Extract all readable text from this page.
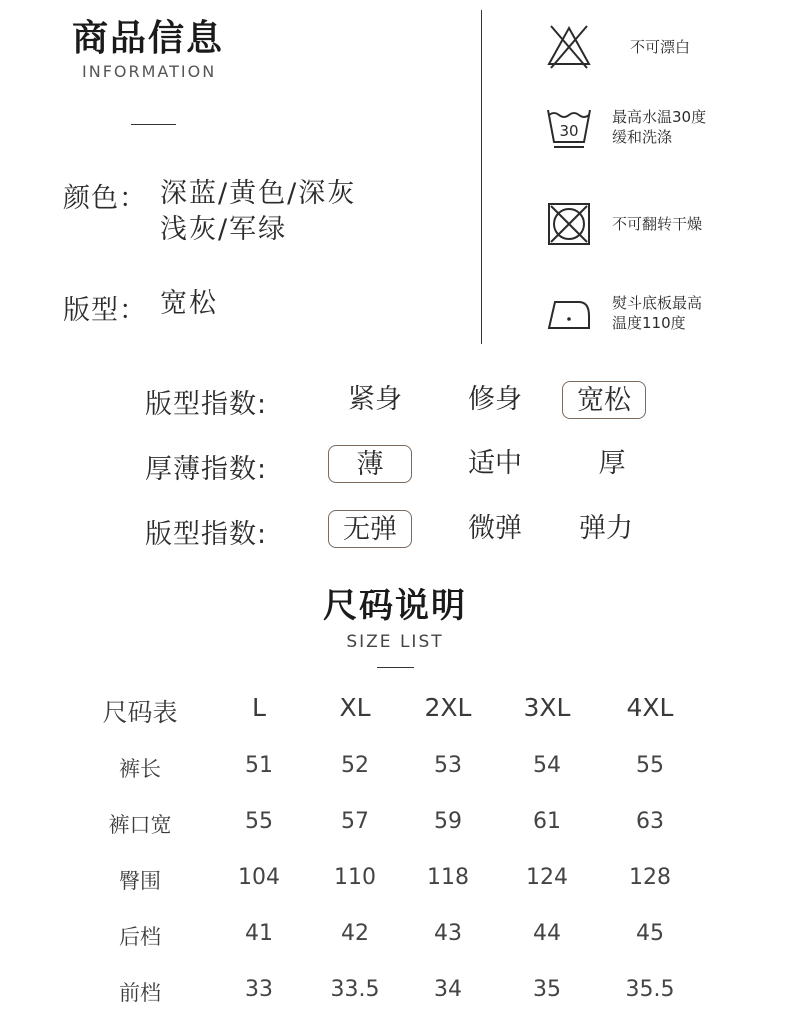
商品信息
INFORMATION
颜色： 深蓝/黄色/深灰
浅灰/军绿
版型： 宽松
不可漂白
30
最高水温30度
缓和洗涤
不可翻转干燥
熨斗底板最高
温度110度
版型指数:	紧身	修身	宽松
厚薄指数:	薄	适中	厚
版型指数:	无弹	微弹	弹力
尺码说明
SIZE LIST
尺码表	L	XL	2XL	3XL	4XL
裤长	51	52	53	54	55
裤口宽	55	57	59	61	63
臀围	104	110	118	124	128
后档	41	42	43	44	45
前档	33	33.5	34	35	35.5
